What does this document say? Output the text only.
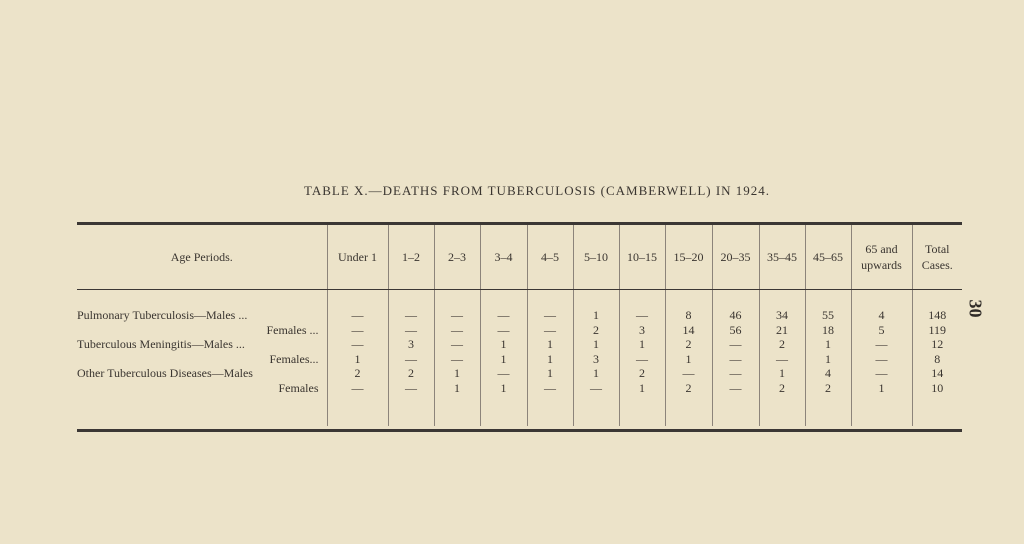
30
TABLE X.—DEATHS FROM TUBERCULOSIS (CAMBERWELL) IN 1924.
Age Periods.	Under 1	1–2	2–3	3–4	4–5	5–10	10–15	15–20	20–35	35–45	45–65	65 and upwards	Total Cases.

Pulmonary Tuberculosis—Males ...	—	—	—	—	—	1	—	8	46	34	55	4	148
Females ...	—	—	—	—	—	2	3	14	56	21	18	5	119
Tuberculous Meningitis—Males ...	—	3	—	1	1	1	1	2	—	2	1	—	12
Females...	1	—	—	1	1	3	—	1	—	—	1	—	8
Other Tuberculous Diseases—Males	2	2	1	—	1	1	2	—	—	1	4	—	14
Females	—	—	1	1	—	—	1	2	—	2	2	1	10
